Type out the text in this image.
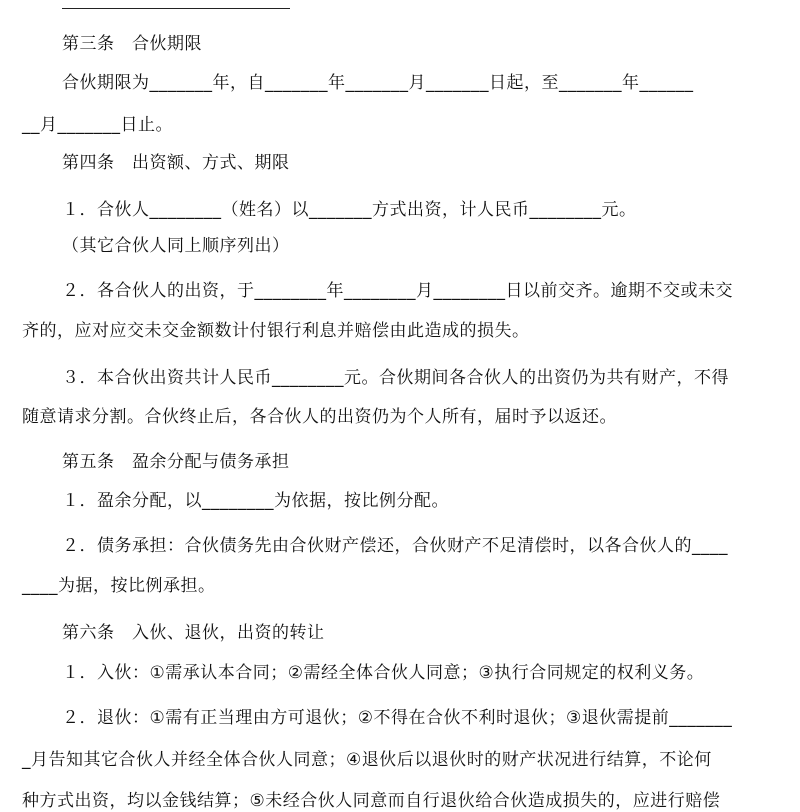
第三条　合伙期限
合伙期限为_______年，自_______年_______月_______日起，至_______年______
__月_______日止。
第四条　出资额、方式、期限
１．合伙人________（姓名）以_______方式出资，计人民币________元。
（其它合伙人同上顺序列出）
２．各合伙人的出资，于________年________月________日以前交齐。逾期不交或未交
齐的，应对应交未交金额数计付银行利息并赔偿由此造成的损失。
３．本合伙出资共计人民币________元。合伙期间各合伙人的出资仍为共有财产，不得
随意请求分割。合伙终止后，各合伙人的出资仍为个人所有，届时予以返还。
第五条　盈余分配与债务承担
１．盈余分配，以________为依据，按比例分配。
２．债务承担：合伙债务先由合伙财产偿还，合伙财产不足清偿时，以各合伙人的____
____为据，按比例承担。
第六条　入伙、退伙，出资的转让
１．入伙：①需承认本合同；②需经全体合伙人同意；③执行合同规定的权利义务。
２．退伙：①需有正当理由方可退伙；②不得在合伙不利时退伙；③退伙需提前_______
_月告知其它合伙人并经全体合伙人同意；④退伙后以退伙时的财产状况进行结算，不论何
种方式出资，均以金钱结算；⑤未经合伙人同意而自行退伙给合伙造成损失的，应进行赔偿
